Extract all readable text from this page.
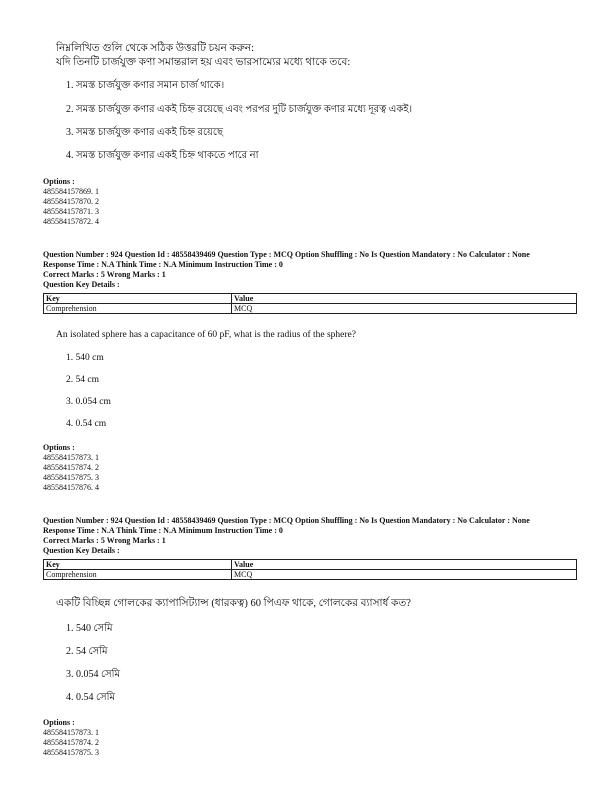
নিম্নলিখিত গুলি থেকে সঠিক উত্তরটি চয়ন করুন:
যদি তিনটি চার্জযুক্ত কণা সমান্তরাল হয় এবং ভারসাম্যের মধ্যে থাকে তবে:
1. সমস্ত চার্জযুক্ত কণার সমান চার্জ থাকে।
2. সমস্ত চার্জযুক্ত কণার একই চিহ্ন রয়েছে এবং পরপর দুটি চার্জযুক্ত কণার মধ্যে দূরত্ব একই।
3. সমস্ত চার্জযুক্ত কণার একই চিহ্ন রয়েছে
4. সমস্ত চার্জযুক্ত কণার একই চিহ্ন থাকতে পারে না
Options :
485584157869. 1
485584157870. 2
485584157871. 3
485584157872. 4
Question Number : 924 Question Id : 48558439469 Question Type : MCQ Option Shuffling : No Is Question Mandatory : No Calculator : None
Response Time : N.A Think Time : N.A Minimum Instruction Time : 0
Correct Marks : 5 Wrong Marks : 1
Question Key Details :
Key	Value
Comprehension	MCQ
An isolated sphere has a capacitance of 60 pF, what is the radius of the sphere?
1. 540 cm
2. 54 cm
3. 0.054 cm
4. 0.54 cm
Options :
485584157873. 1
485584157874. 2
485584157875. 3
485584157876. 4
Question Number : 924 Question Id : 48558439469 Question Type : MCQ Option Shuffling : No Is Question Mandatory : No Calculator : None
Response Time : N.A Think Time : N.A Minimum Instruction Time : 0
Correct Marks : 5 Wrong Marks : 1
Question Key Details :
Key	Value
Comprehension	MCQ
একটি বিচ্ছিন্ন গোলকের ক্যাপাসিট্যান্স (ধারকত্ব) 60 পিএফ থাকে, গোলকের ব্যাসার্ধ কত?
1. 540 সেমি
2. 54 সেমি
3. 0.054 সেমি
4. 0.54 সেমি
Options :
485584157873. 1
485584157874. 2
485584157875. 3
